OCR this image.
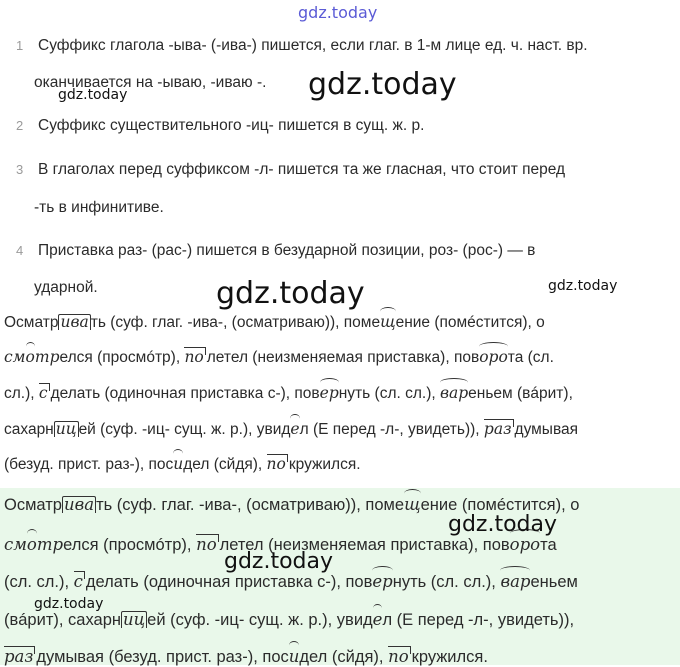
gdz.today
1 Суффикс глагола -ыва- (-ива-) пишется, если глаг. в 1-м лице ед. ч. наст. вр.
оканчивается на -ываю, -иваю -.
gdz.today	gdz.today
2 Суффикс существительного -иц- пишется в сущ. ж. р.
3 В глаголах перед суффиксом -л- пишется та же гласная, что стоит перед
-ть в инфинитиве.
4 Приставка раз- (рас-) пишется в безударной позиции, роз- (рос-) — в
ударной.	gdz.today	gdz.today
Осматр ива ть (суф. глаг. -ива-, (осматриваю)), помещение (помéстится), о
смотрелся (просмóтр), по летел (неизменяемая приставка), поворота (сл.
сл.), с делать (одиночная приставка с-), повернуть (сл. сл.), вареньем (вáрит),
сахарн иц ей (суф. -иц- сущ. ж. р.), увидел (Е перед -л-, увидеть)), раз думывая
(безуд. прист. раз-), посидел (сйдя), по кружился.
Осматр ива ть (суф. глаг. -ива-, (осматриваю)), помещение (помéстится), о
смотрелся (просмóтр), по летел (неизменяемая приставка), поворота
(сл. сл.), с делать (одиночная приставка с-), повернуть (сл. сл.), вареньем
(вáрит), сахарн иц ей (суф. -иц- сущ. ж. р.), увидел (Е перед -л-, увидеть)),
раз думывая (безуд. прист. раз-), посидел (сйдя), по кружился.
gdz.today
gdz.today
gdz.today
